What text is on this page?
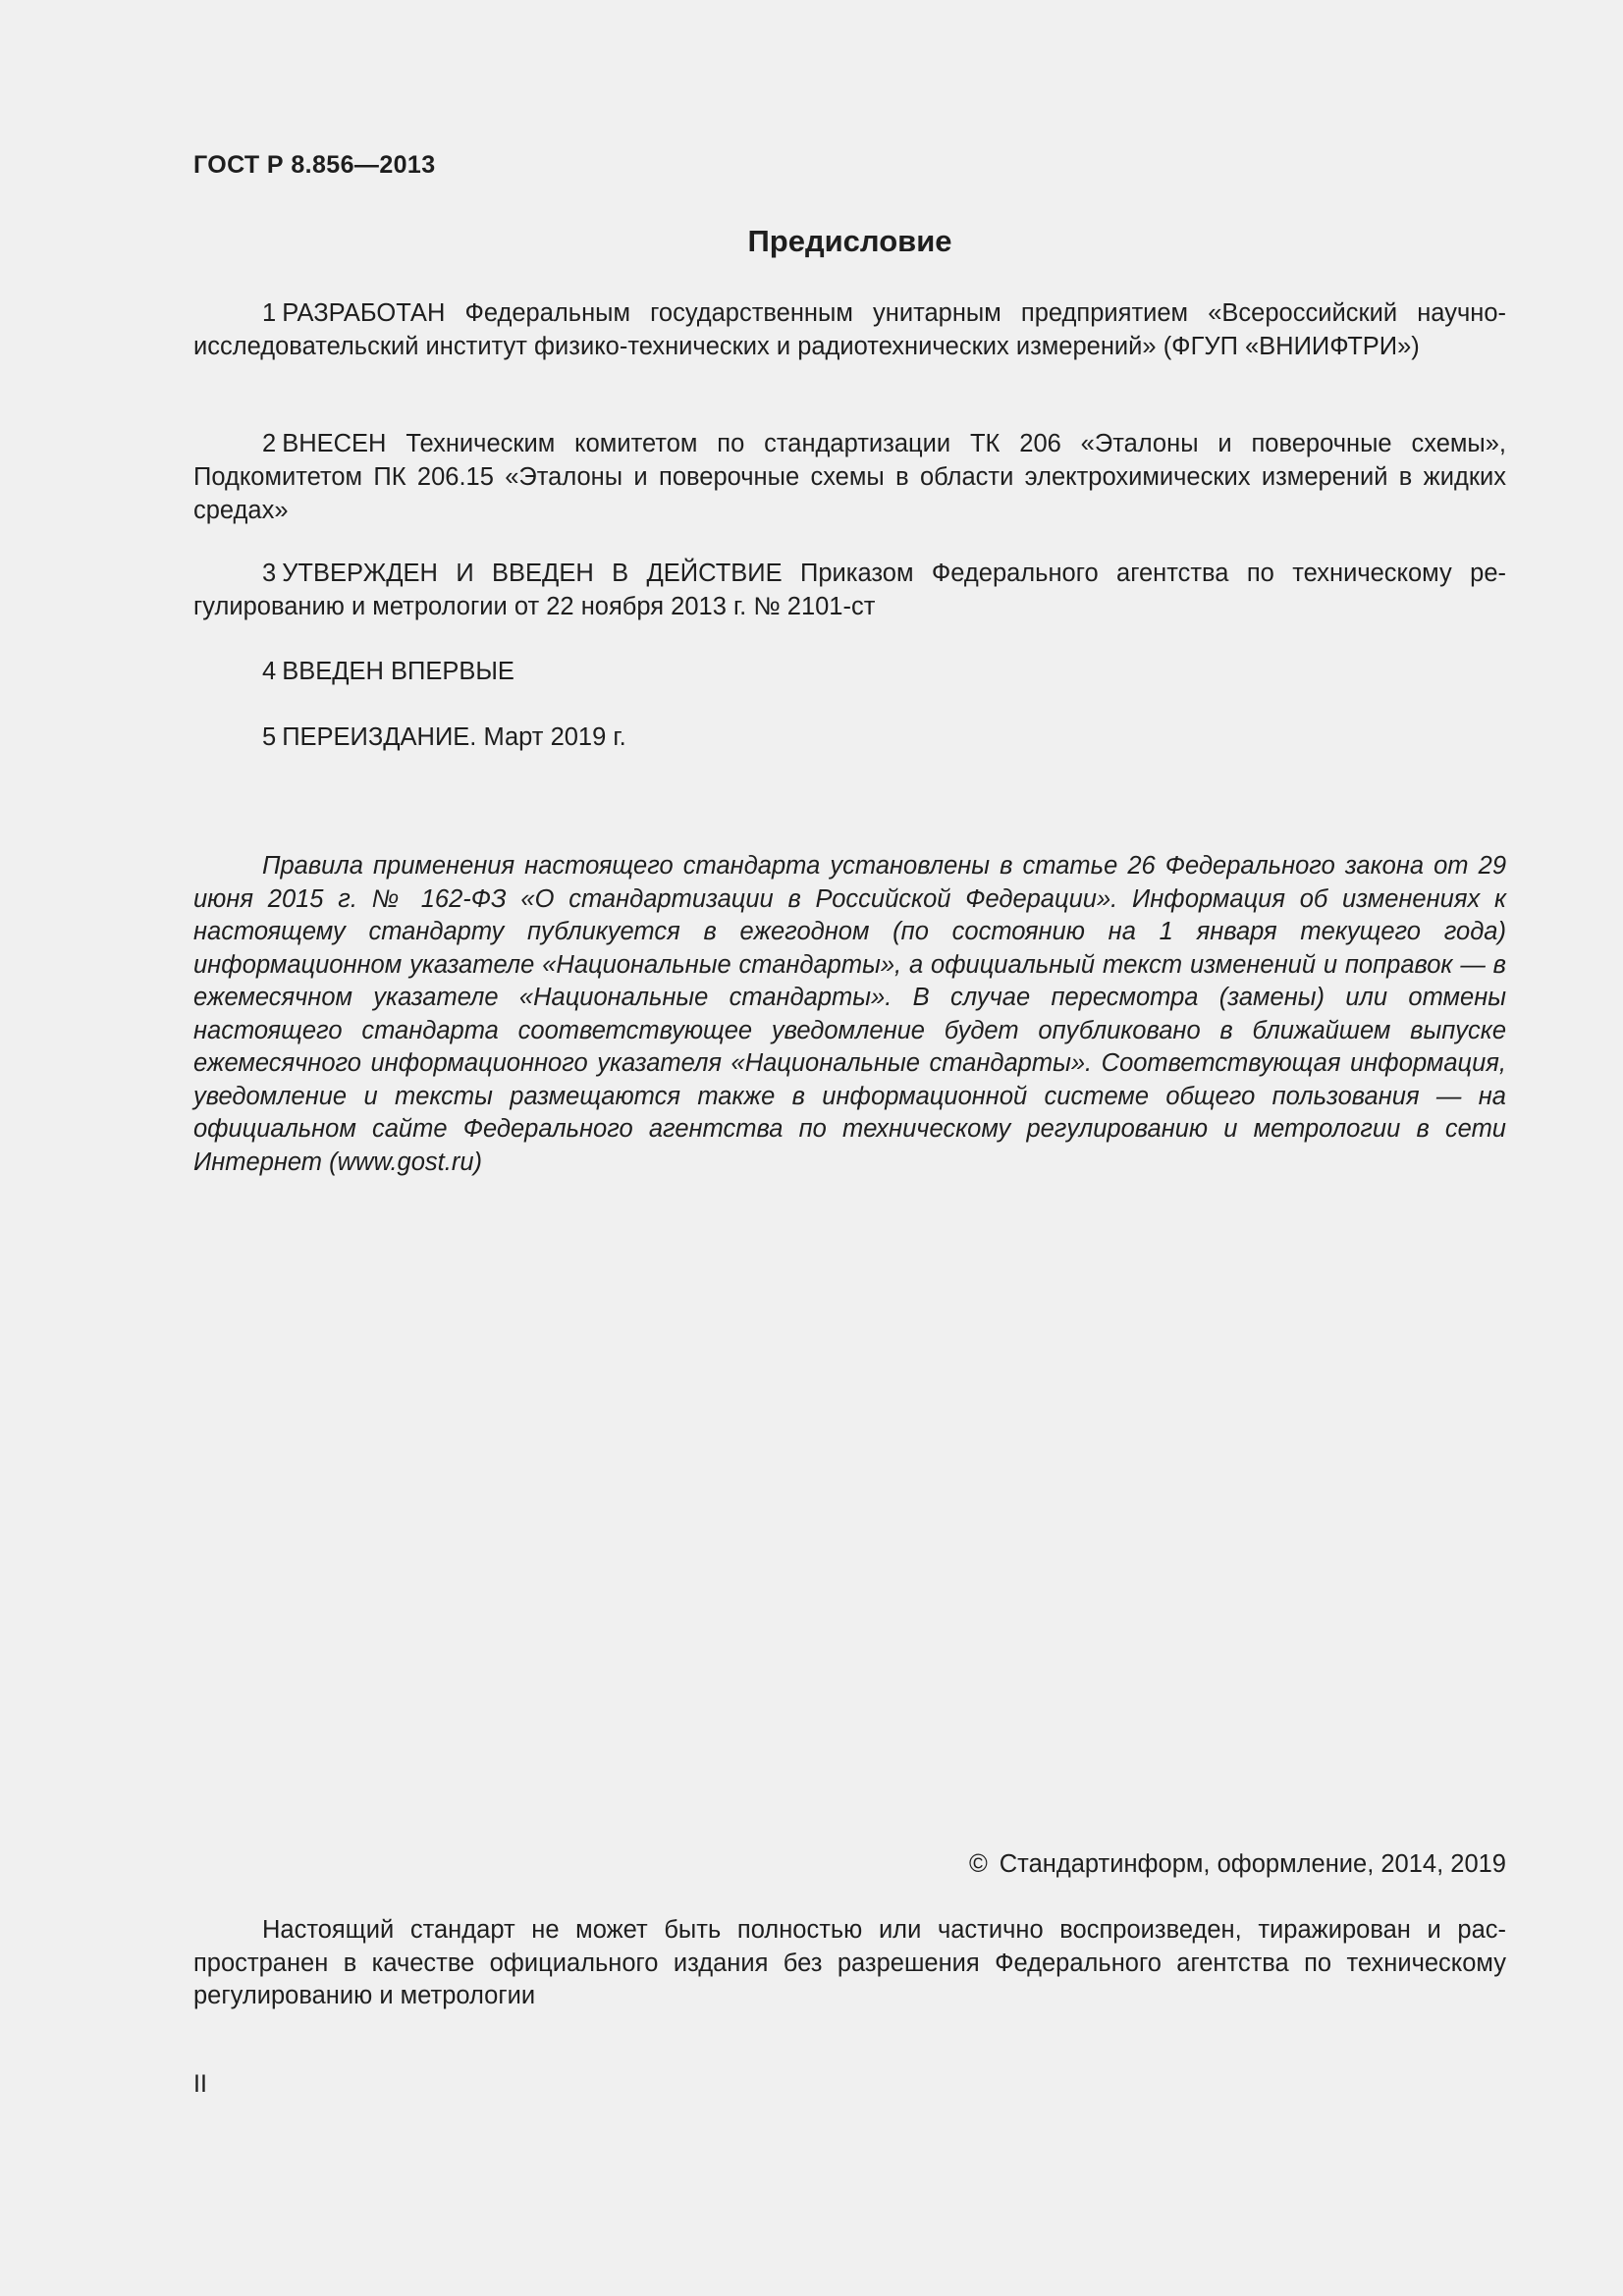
ГОСТ Р 8.856—2013
Предисловие

1 РАЗРАБОТАН Федеральным государственным унитарным предприятием «Всероссийский научно-исследовательский институт физико-технических и радиотехнических измерений» (ФГУП «ВНИИФТРИ»)

2 ВНЕСЕН Техническим комитетом по стандартизации ТК 206 «Эталоны и поверочные схемы», Подкомитетом ПК 206.15 «Эталоны и поверочные схемы в области электрохимических измерений в жидких средах»

3 УТВЕРЖДЕН И ВВЕДЕН В ДЕЙСТВИЕ Приказом Федерального агентства по техническому регулированию и метрологии от 22 ноября 2013 г. № 2101-ст

4 ВВЕДЕН ВПЕРВЫЕ

5 ПЕРЕИЗДАНИЕ. Март 2019 г.

Правила применения настоящего стандарта установлены в статье 26 Федерального закона от 29 июня 2015 г. № 162-ФЗ «О стандартизации в Российской Федерации». Информация об изменениях к настоящему стандарту публикуется в ежегодном (по состоянию на 1 января текущего года) информационном указателе «Национальные стандарты», а официальный текст изменений и поправок — в ежемесячном указателе «Национальные стандарты». В случае пересмотра (замены) или отмены настоящего стандарта соответствующее уведомление будет опубликовано в ближайшем выпуске ежемесячного информационного указателя «Национальные стандарты». Соответствующая информация, уведомление и тексты размещаются также в информационной системе общего пользования — на официальном сайте Федерального агентства по техническому регулированию и метрологии в сети Интернет (www.gost.ru)

© Стандартинформ, оформление, 2014, 2019

Настоящий стандарт не может быть полностью или частично воспроизведен, тиражирован и распространен в качестве официального издания без разрешения Федерального агентства по техническому регулированию и метрологии

II
